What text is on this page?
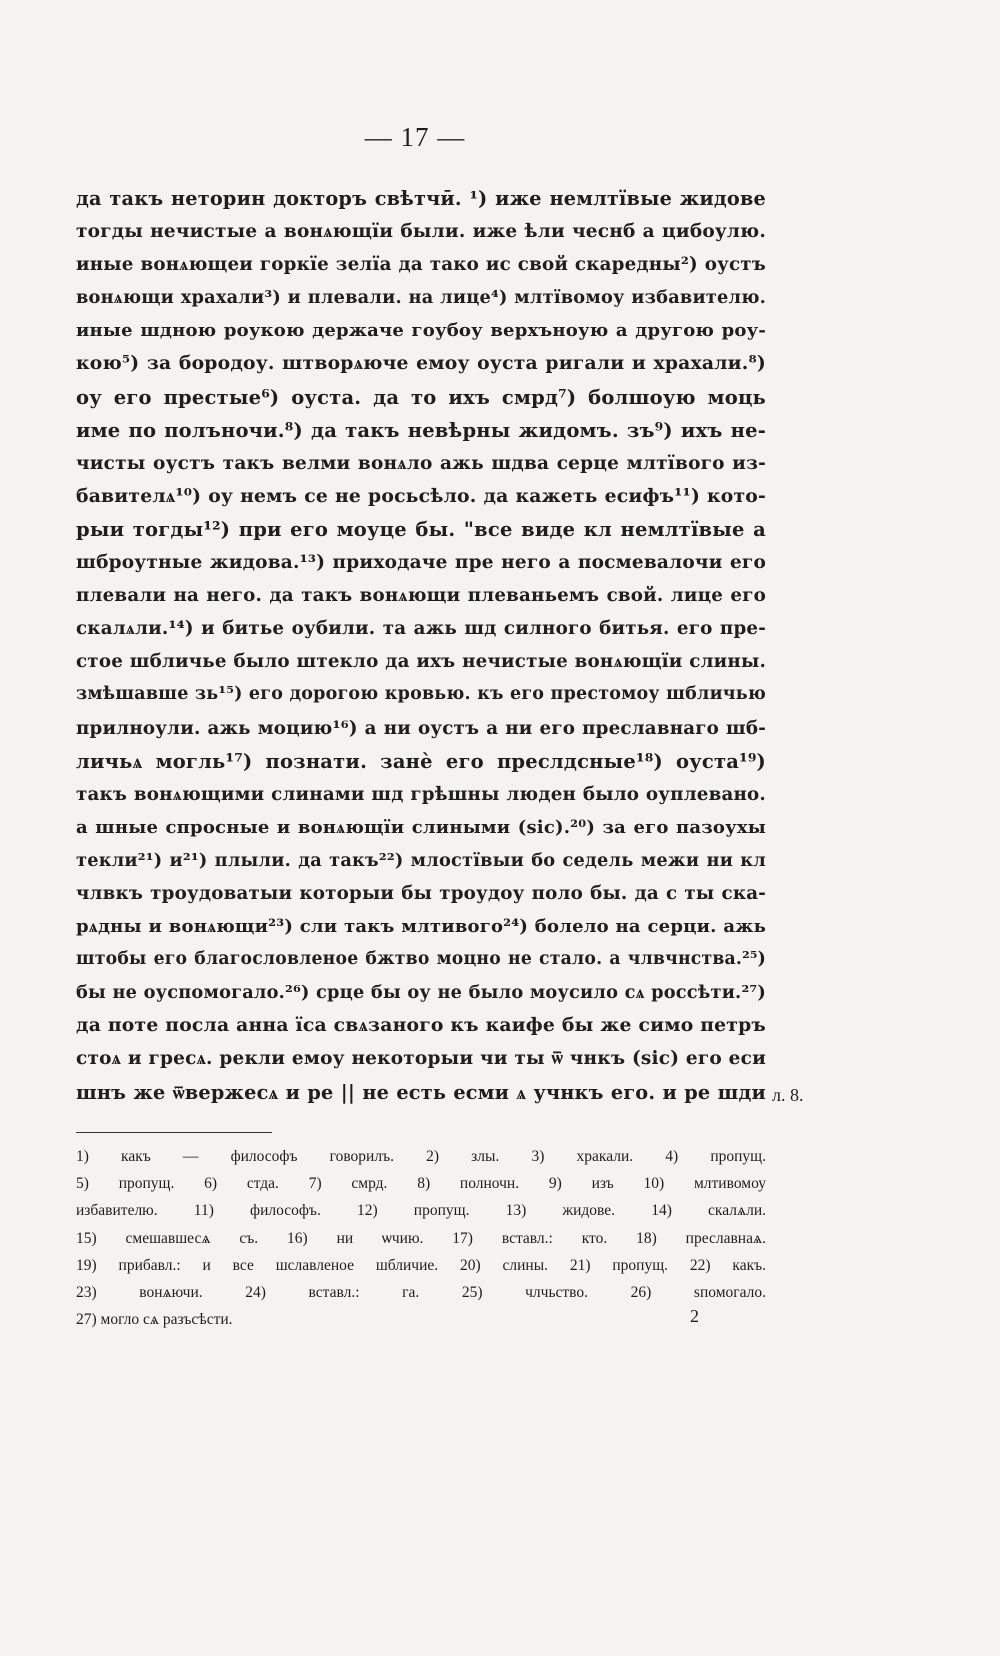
— 17 —
да такъ неторин докторъ свѣтчӣ. ¹) иже немлтївые жидове
тогды нечистые а вонѧющїи были. иже ѣли чеснб а цибоулю.
иные вонѧющеи горкїе зелїа да тако ис свой скаредны²) оустъ
вонѧющи храхали³) и плевали. на лице⁴) млтївомоу избавителю.
иные шдною роукою держаче гоубоу верхъноую а другою роу-
кою⁵) за бородоу. штворѧюче емоу оуста ригали и храхали.⁸)
оу его престые⁶) оуста. да то ихъ смрд⁷) болшоую моць
име по полъночи.⁸) да такъ невѣрны жидомъ. зъ⁹) ихъ не-
чисты оустъ такъ велми вонѧло ажь шдва серце млтївого из-
бавителѧ¹⁰) оу немъ се не росьсѣло. да кажеть есифъ¹¹) кото-
рыи тогды¹²) при его моуце бы. "все виде кл немлтївые а
шброутные жидова.¹³) приходаче пре него а посмевалочи его
плевали на него. да такъ вонѧющи плеваньемъ свой. лице его
скалѧли.¹⁴) и битье оубили. та ажь шд силного битья. его пре-
стое шбличье было штекло да ихъ нечистые вонѧющїи слины.
змѣшавше зь¹⁵) его дорогою кровью. къ его престомоу шбличью
прилноули. ажь моцию¹⁶) а ни оустъ а ни его преславнаго шб-
личьѧ могль¹⁷) познати. занѐ его преслдсные¹⁸) оуста¹⁹)
такъ вонѧющими слинами шд грѣшны люден было оуплевано.
а шные спросные и вонѧющїи слиными (sic).²⁰) за его пазоухы
текли²¹) и²¹) плыли. да такъ²²) млостївыи бо седель межи ни кл
члвкъ троудоватыи которыи бы троудоу поло бы. да с ты ска-
рѧдны и вонѧющи²³) сли такъ млтивого²⁴) болело на серци. ажь
штобы его благословленое бжтво моцно не стало. а члвчнства.²⁵)
бы не оуспомогало.²⁶) срце бы оу не было моусило сѧ россѣти.²⁷)
да поте посла анна їса свѧзаного къ каифе бы же симо петръ
стоѧ и гресѧ. рекли емоу некоторыи чи ты ѿ чнкъ (sic) его еси
шнъ же ѿвержесѧ и ре || не есть есми ѧ учнкъ его. и ре шди л. 8.
1) какъ — философъ говорилъ. 2) злы. 3) хракали. 4) пропущ.
5) пропущ. 6) стда. 7) смрд. 8) полночн. 9) изъ 10) млтивомоу
избавителю. 11) философъ. 12) пропущ. 13) жидове. 14) скалѧли.
15) смешавшесѧ съ. 16) ни ѡчию. 17) вставл.: кто. 18) преславнаѧ.
19) прибавл.: и все шславленое шбличие. 20) слины. 21) пропущ. 22) какъ.
23) вонѧючи. 24) вставл.: га. 25) члчьство. 26) ѕпомогало.
27) могло сѧ разъсѣсти.	2
